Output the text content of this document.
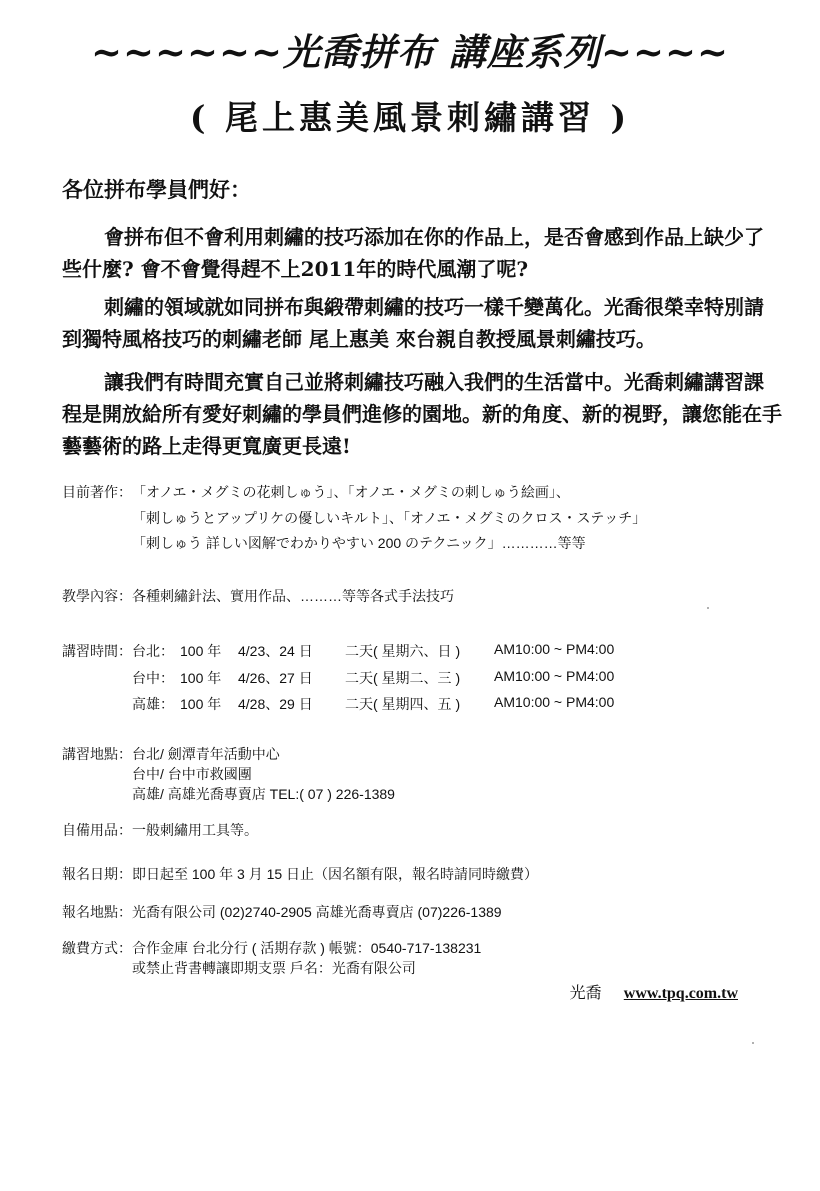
~~~~~~光喬拼布 講座系列~~~~
( 尾上惠美風景刺繡講習 )
各位拼布學員們好：
會拼布但不會利用刺繡的技巧添加在你的作品上，是否會感到作品上缺少了些什麼? 會不會覺得趕不上2011年的時代風潮了呢?
刺繡的領域就如同拼布與緞帶刺繡的技巧一樣千變萬化。光喬很榮幸特別請到獨特風格技巧的刺繡老師 尾上惠美 來台親自教授風景刺繡技巧。
讓我們有時間充實自己並將刺繡技巧融入我們的生活當中。光喬刺繡講習課程是開放給所有愛好刺繡的學員們進修的園地。新的角度、新的視野，讓您能在手藝藝術的路上走得更寬廣更長遠!
目前著作： 「オノエ・メグミの花刺しゅう」、「オノエ・メグミの刺しゅう絵画」、
「刺しゅうとアップリケの優しいキルト」、「オノエ・メグミのクロス・ステッチ」
「刺しゅう 詳しい図解でわかりやすい 200 のテクニック」…………等等
教學內容： 各種刺繡針法、實用作品、………等等各式手法技巧
講習時間： 台北： 100 年 4/23、24 日 二天( 星期六、日 ) AM10:00 ~ PM4:00
台中： 100 年 4/26、27 日 二天( 星期二、三 ) AM10:00 ~ PM4:00
高雄： 100 年 4/28、29 日 二天( 星期四、五 ) AM10:00 ~ PM4:00
講習地點： 台北/ 劍潭青年活動中心
台中/ 台中市救國團
高雄/ 高雄光喬專賣店 TEL:( 07 ) 226-1389
自備用品： 一般刺繡用工具等。
報名日期： 即日起至 100 年 3 月 15 日止（因名額有限，報名時請同時繳費）
報名地點： 光喬有限公司 (02)2740-2905 高雄光喬專賣店 (07)226-1389
繳費方式： 合作金庫 台北分行 ( 活期存款 ) 帳號：0540-717-138231
或禁止背書轉讓即期支票 戶名：光喬有限公司
光喬 www.tpq.com.tw
